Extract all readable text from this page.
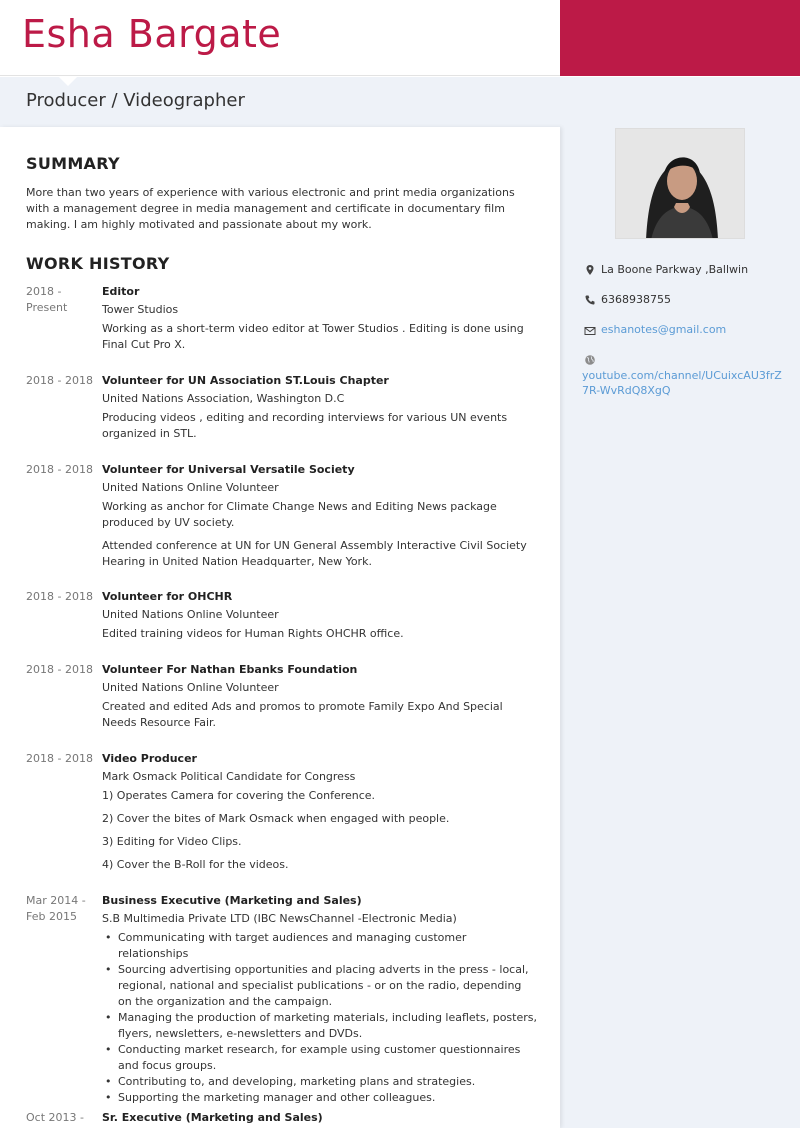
Esha Bargate
Producer / Videographer
La Boone Parkway ,Ballwin
6368938755
eshanotes@gmail.com
youtube.com/channel/UCuixcAU3frZ7R-WvRdQ8XgQ
SUMMARY
More than two years of experience with various electronic and print media organizations with a management degree in media management and certificate in documentary film making. I am highly motivated and passionate about my work.
WORK HISTORY
2018 - Present
Editor
Tower Studios
Working as a short-term video editor at Tower Studios . Editing is done using Final Cut Pro X.
2018 - 2018 Volunteer for UN Association ST.Louis Chapter
United Nations Association, Washington D.C
Producing videos , editing and recording interviews for various UN events organized in STL.
2018 - 2018 Volunteer for Universal Versatile Society
United Nations Online Volunteer
Working as anchor for Climate Change News and Editing News package produced by UV society.
Attended conference at UN for UN General Assembly Interactive Civil Society Hearing in United Nation Headquarter, New York.
2018 - 2018 Volunteer for OHCHR
United Nations Online Volunteer
Edited training videos for Human Rights OHCHR office.
2018 - 2018 Volunteer For Nathan Ebanks Foundation
United Nations Online Volunteer
Created and edited Ads and promos to promote Family Expo And Special Needs Resource Fair.
2018 - 2018 Video Producer
Mark Osmack Political Candidate for Congress
1) Operates Camera for covering the Conference.
2) Cover the bites of Mark Osmack when engaged with people.
3) Editing for Video Clips.
4) Cover the B-Roll for the videos.
Mar 2014 - Feb 2015
Business Executive (Marketing and Sales)
S.B Multimedia Private LTD (IBC NewsChannel -Electronic Media)
• Communicating with target audiences and managing customer relationships
• Sourcing advertising opportunities and placing adverts in the press - local, regional, national and specialist publications - or on the radio, depending on the organization and the campaign.
• Managing the production of marketing materials, including leaflets, posters, flyers, newsletters, e-newsletters and DVDs.
• Conducting market research, for example using customer questionnaires and focus groups.
• Contributing to, and developing, marketing plans and strategies.
• Supporting the marketing manager and other colleagues.
Oct 2013 -	Sr. Executive (Marketing and Sales)
